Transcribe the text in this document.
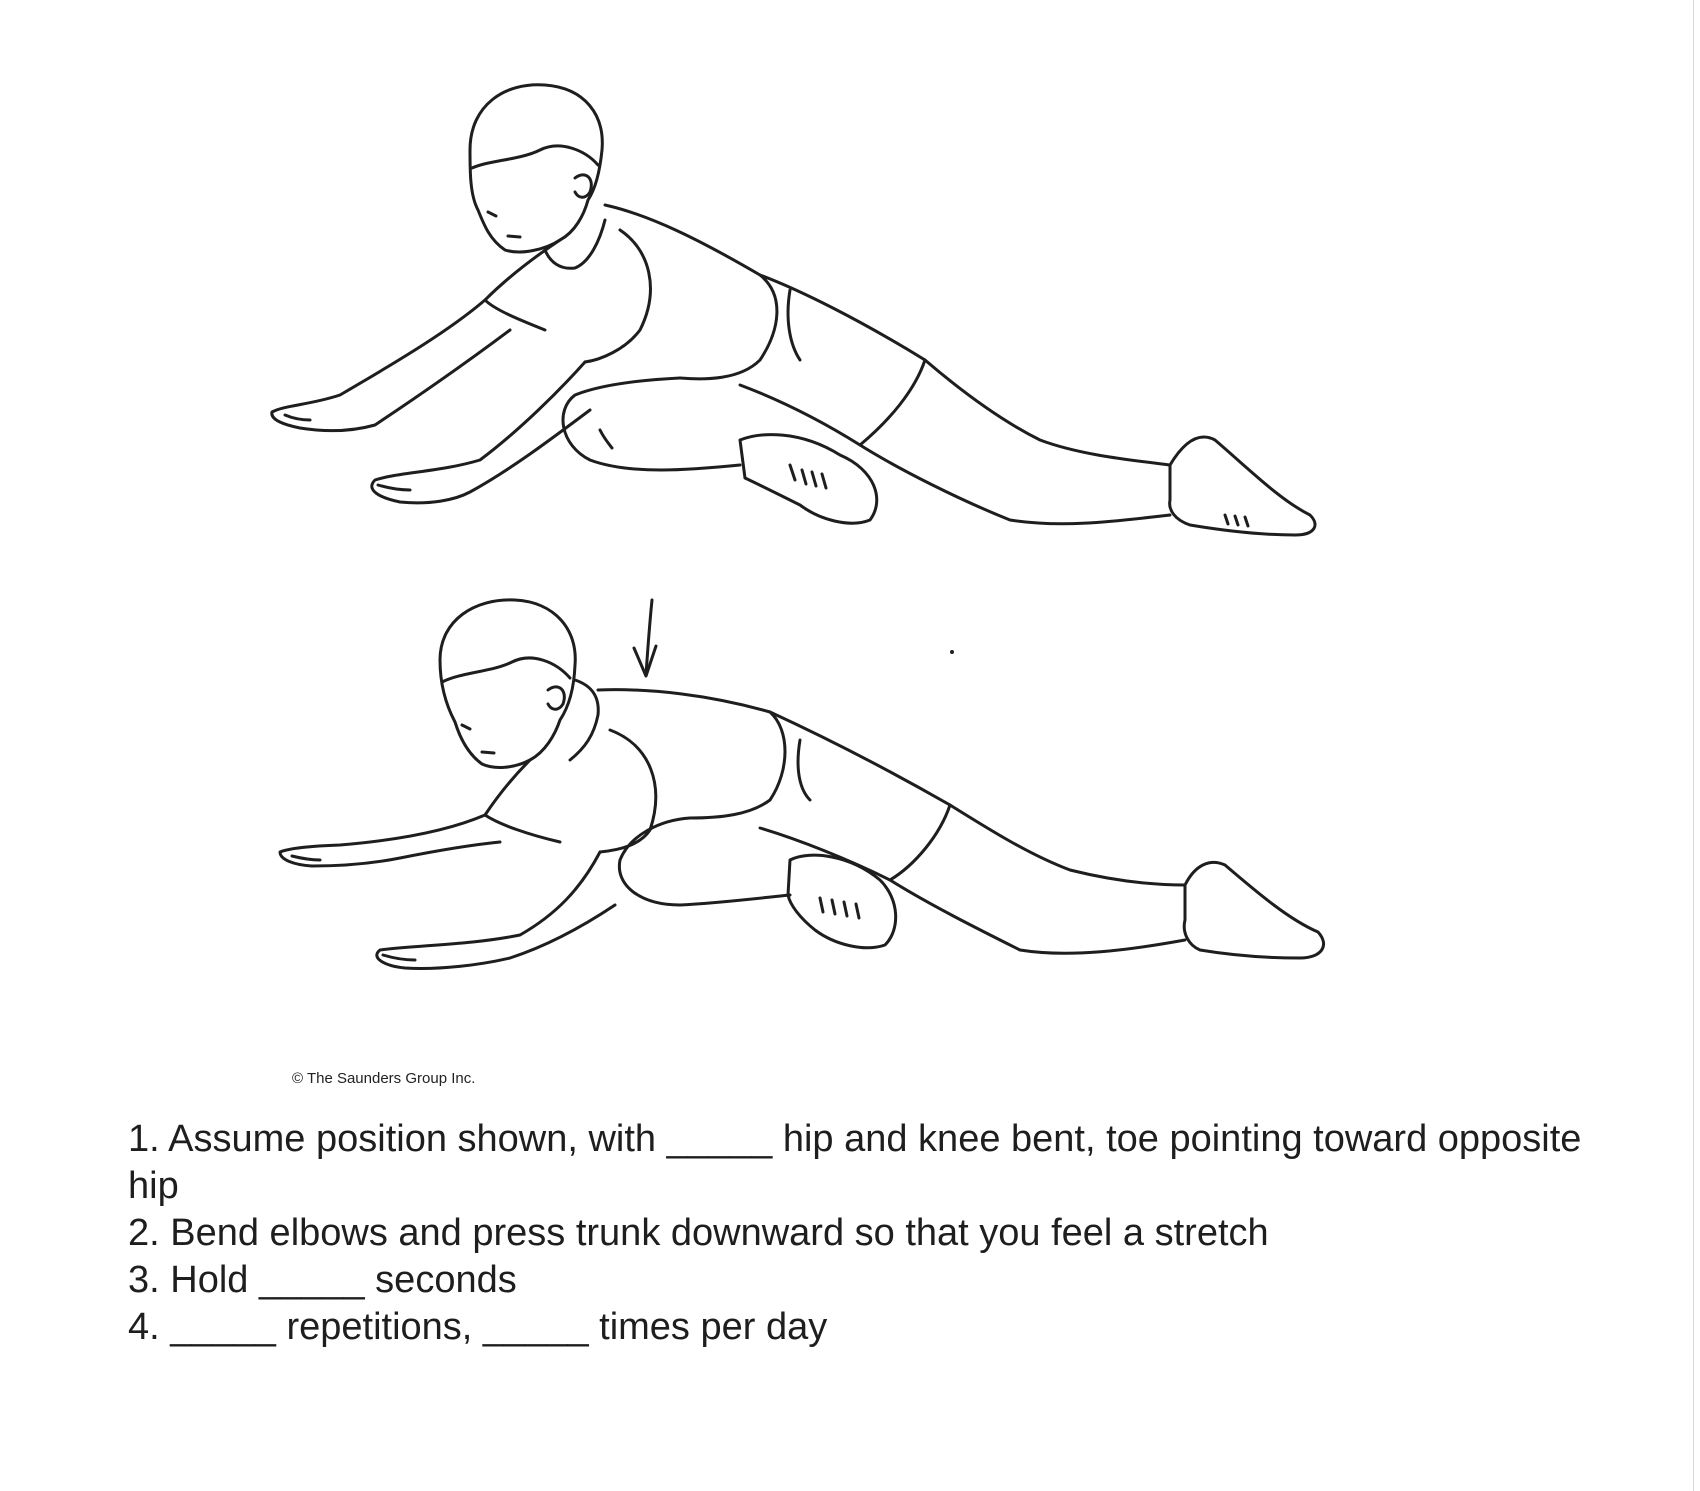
© The Saunders Group Inc.
1. Assume position shown, with _____ hip and knee bent, toe pointing toward opposite hip
2. Bend elbows and press trunk downward so that you feel a stretch
3. Hold _____ seconds
4. _____ repetitions, _____ times per day
